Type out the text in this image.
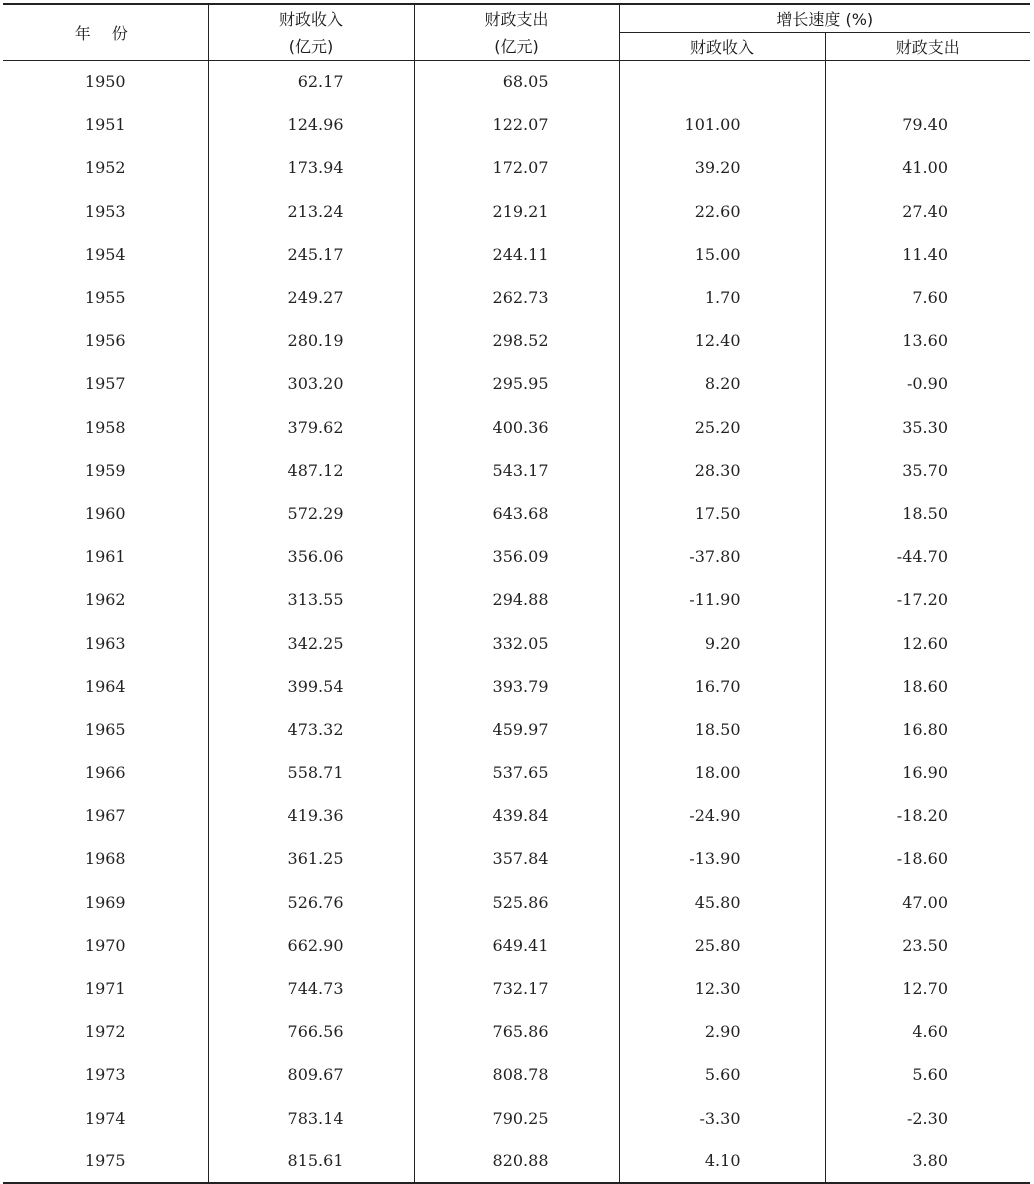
年 份	财政收入	财政支出	增长速度 (%)	
	(亿元)	(亿元)	财政收入	财政支出
1950	62.17	68.05		
1951	124.96	122.07	101.00	79.40
1952	173.94	172.07	39.20	41.00
1953	213.24	219.21	22.60	27.40
1954	245.17	244.11	15.00	11.40
1955	249.27	262.73	1.70	7.60
1956	280.19	298.52	12.40	13.60
1957	303.20	295.95	8.20	-0.90
1958	379.62	400.36	25.20	35.30
1959	487.12	543.17	28.30	35.70
1960	572.29	643.68	17.50	18.50
1961	356.06	356.09	-37.80	-44.70
1962	313.55	294.88	-11.90	-17.20
1963	342.25	332.05	9.20	12.60
1964	399.54	393.79	16.70	18.60
1965	473.32	459.97	18.50	16.80
1966	558.71	537.65	18.00	16.90
1967	419.36	439.84	-24.90	-18.20
1968	361.25	357.84	-13.90	-18.60
1969	526.76	525.86	45.80	47.00
1970	662.90	649.41	25.80	23.50
1971	744.73	732.17	12.30	12.70
1972	766.56	765.86	2.90	4.60
1973	809.67	808.78	5.60	5.60
1974	783.14	790.25	-3.30	-2.30
1975	815.61	820.88	4.10	3.80
